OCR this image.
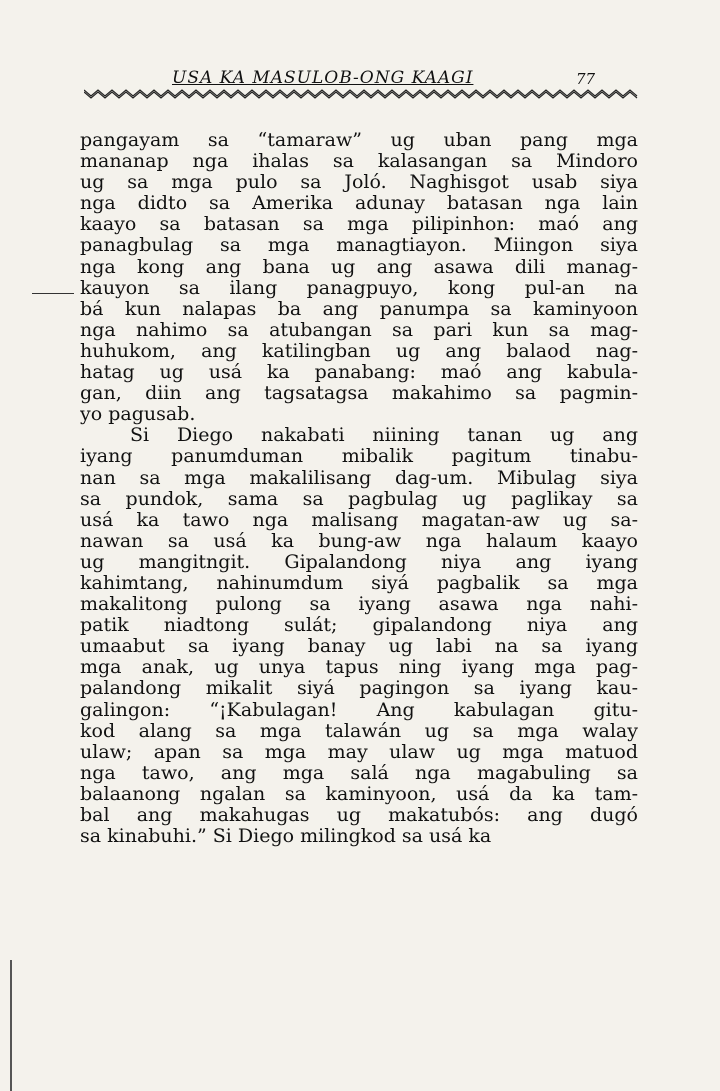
USA KA MASULOB-ONG KAAGI	77
pangayam sa “tamaraw” ug uban pang mga
mananap nga ihalas sa kalasangan sa Mindoro
ug sa mga pulo sa Joló. Naghisgot usab siya
nga didto sa Amerika adunay batasan nga lain
kaayo sa batasan sa mga pilipinhon: maó ang
panagbulag sa mga managtiayon. Miingon siya
nga kong ang bana ug ang asawa dili manag-
kauyon sa ilang panagpuyo, kong pul-an na
bá kun nalapas ba ang panumpa sa kaminyoon
nga nahimo sa atubangan sa pari kun sa mag-
huhukom, ang katilingban ug ang balaod nag-
hatag ug usá ka panabang: maó ang kabula-
gan, diin ang tagsatagsa makahimo sa pagmin-
yo pagusab.
Si Diego nakabati niining tanan ug ang
iyang panumduman mibalik pagitum tinabu-
nan sa mga makalilisang dag-um. Mibulag siya
sa pundok, sama sa pagbulag ug paglikay sa
usá ka tawo nga malisang magatan-aw ug sa-
nawan sa usá ka bung-aw nga halaum kaayo
ug mangitngit. Gipalandong niya ang iyang
kahimtang, nahinumdum siyá pagbalik sa mga
makalitong pulong sa iyang asawa nga nahi-
patik niadtong sulát; gipalandong niya ang
umaabut sa iyang banay ug labi na sa iyang
mga anak, ug unya tapus ning iyang mga pag-
palandong mikalit siyá pagingon sa iyang kau-
galingon: “¡Kabulagan! Ang kabulagan gitu-
kod alang sa mga talawán ug sa mga walay
ulaw; apan sa mga may ulaw ug mga matuod
nga tawo, ang mga salá nga magabuling sa
balaanong ngalan sa kaminyoon, usá da ka tam-
bal ang makahugas ug makatubós: ang dugó
sa kinabuhi.” Si Diego milingkod sa usá ka
